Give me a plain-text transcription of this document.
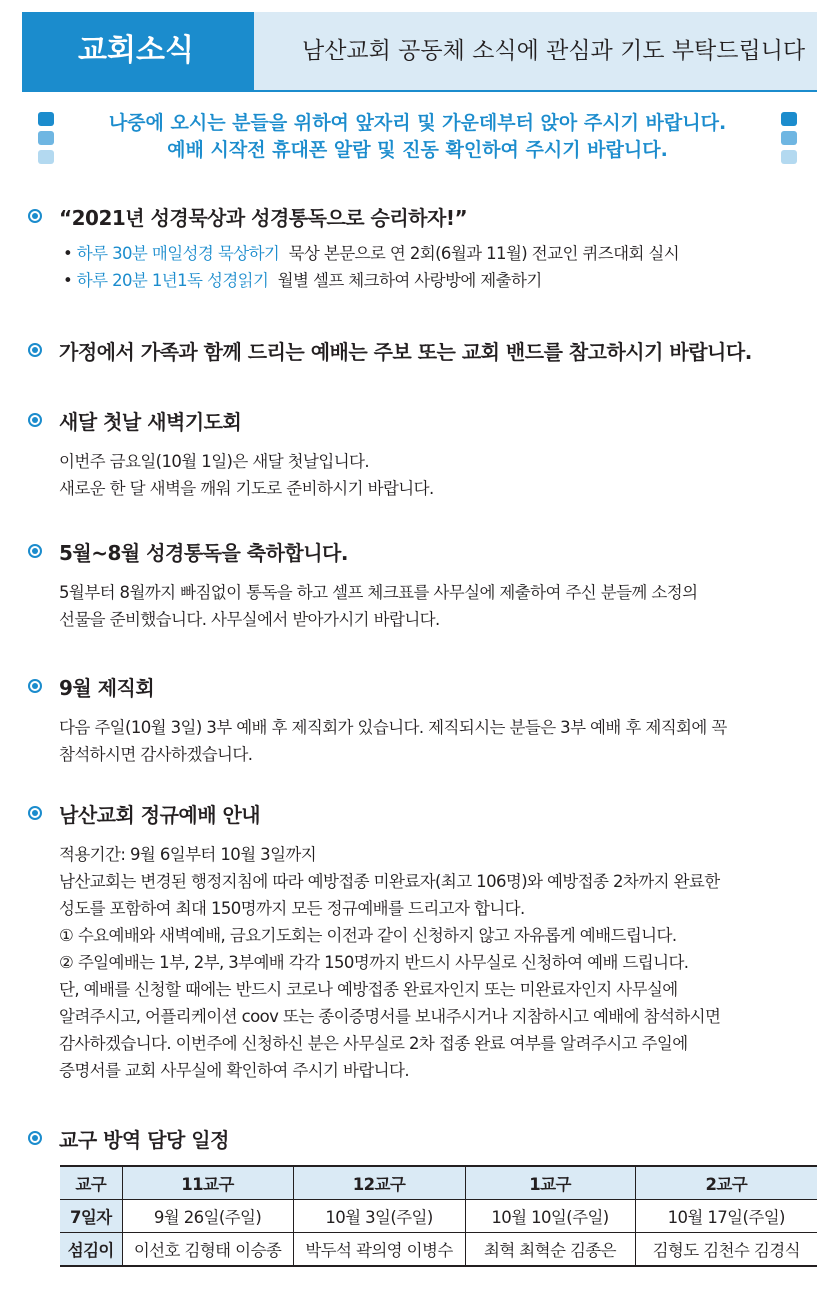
교회소식	남산교회 공동체 소식에 관심과 기도 부탁드립니다
나중에 오시는 분들을 위하여 앞자리 및 가운데부터 앉아 주시기 바랍니다.
예배 시작전 휴대폰 알람 및 진동 확인하여 주시기 바랍니다.
“2021년 성경묵상과 성경통독으로 승리하자!”
• 하루 30분 매일성경 묵상하기 묵상 본문으로 연 2회(6월과 11월) 전교인 퀴즈대회 실시
• 하루 20분 1년1독 성경읽기 월별 셀프 체크하여 사랑방에 제출하기
가정에서 가족과 함께 드리는 예배는 주보 또는 교회 밴드를 참고하시기 바랍니다.
새달 첫날 새벽기도회
이번주 금요일(10월 1일)은 새달 첫날입니다.
새로운 한 달 새벽을 깨워 기도로 준비하시기 바랍니다.
5월~8월 성경통독을 축하합니다.
5월부터 8월까지 빠짐없이 통독을 하고 셀프 체크표를 사무실에 제출하여 주신 분들께 소정의
선물을 준비했습니다. 사무실에서 받아가시기 바랍니다.
9월 제직회
다음 주일(10월 3일) 3부 예배 후 제직회가 있습니다. 제직되시는 분들은 3부 예배 후 제직회에 꼭
참석하시면 감사하겠습니다.
남산교회 정규예배 안내
적용기간: 9월 6일부터 10월 3일까지
남산교회는 변경된 행정지침에 따라 예방접종 미완료자(최고 106명)와 예방접종 2차까지 완료한
성도를 포함하여 최대 150명까지 모든 정규예배를 드리고자 합니다.
① 수요예배와 새벽예배, 금요기도회는 이전과 같이 신청하지 않고 자유롭게 예배드립니다.
② 주일예배는 1부, 2부, 3부예배 각각 150명까지 반드시 사무실로 신청하여 예배 드립니다.
단, 예배를 신청할 때에는 반드시 코로나 예방접종 완료자인지 또는 미완료자인지 사무실에
알려주시고, 어플리케이션 coov 또는 종이증명서를 보내주시거나 지참하시고 예배에 참석하시면
감사하겠습니다. 이번주에 신청하신 분은 사무실로 2차 접종 완료 여부를 알려주시고 주일에
증명서를 교회 사무실에 확인하여 주시기 바랍니다.
교구 방역 담당 일정
교구	11교구	12교구	1교구	2교구
7일자	9월 26일(주일)	10월 3일(주일)	10월 10일(주일)	10월 17일(주일)
섬김이	이선호 김형태 이승종	박두석 곽의영 이병수	최혁 최혁순 김종은	김형도 김천수 김경식
